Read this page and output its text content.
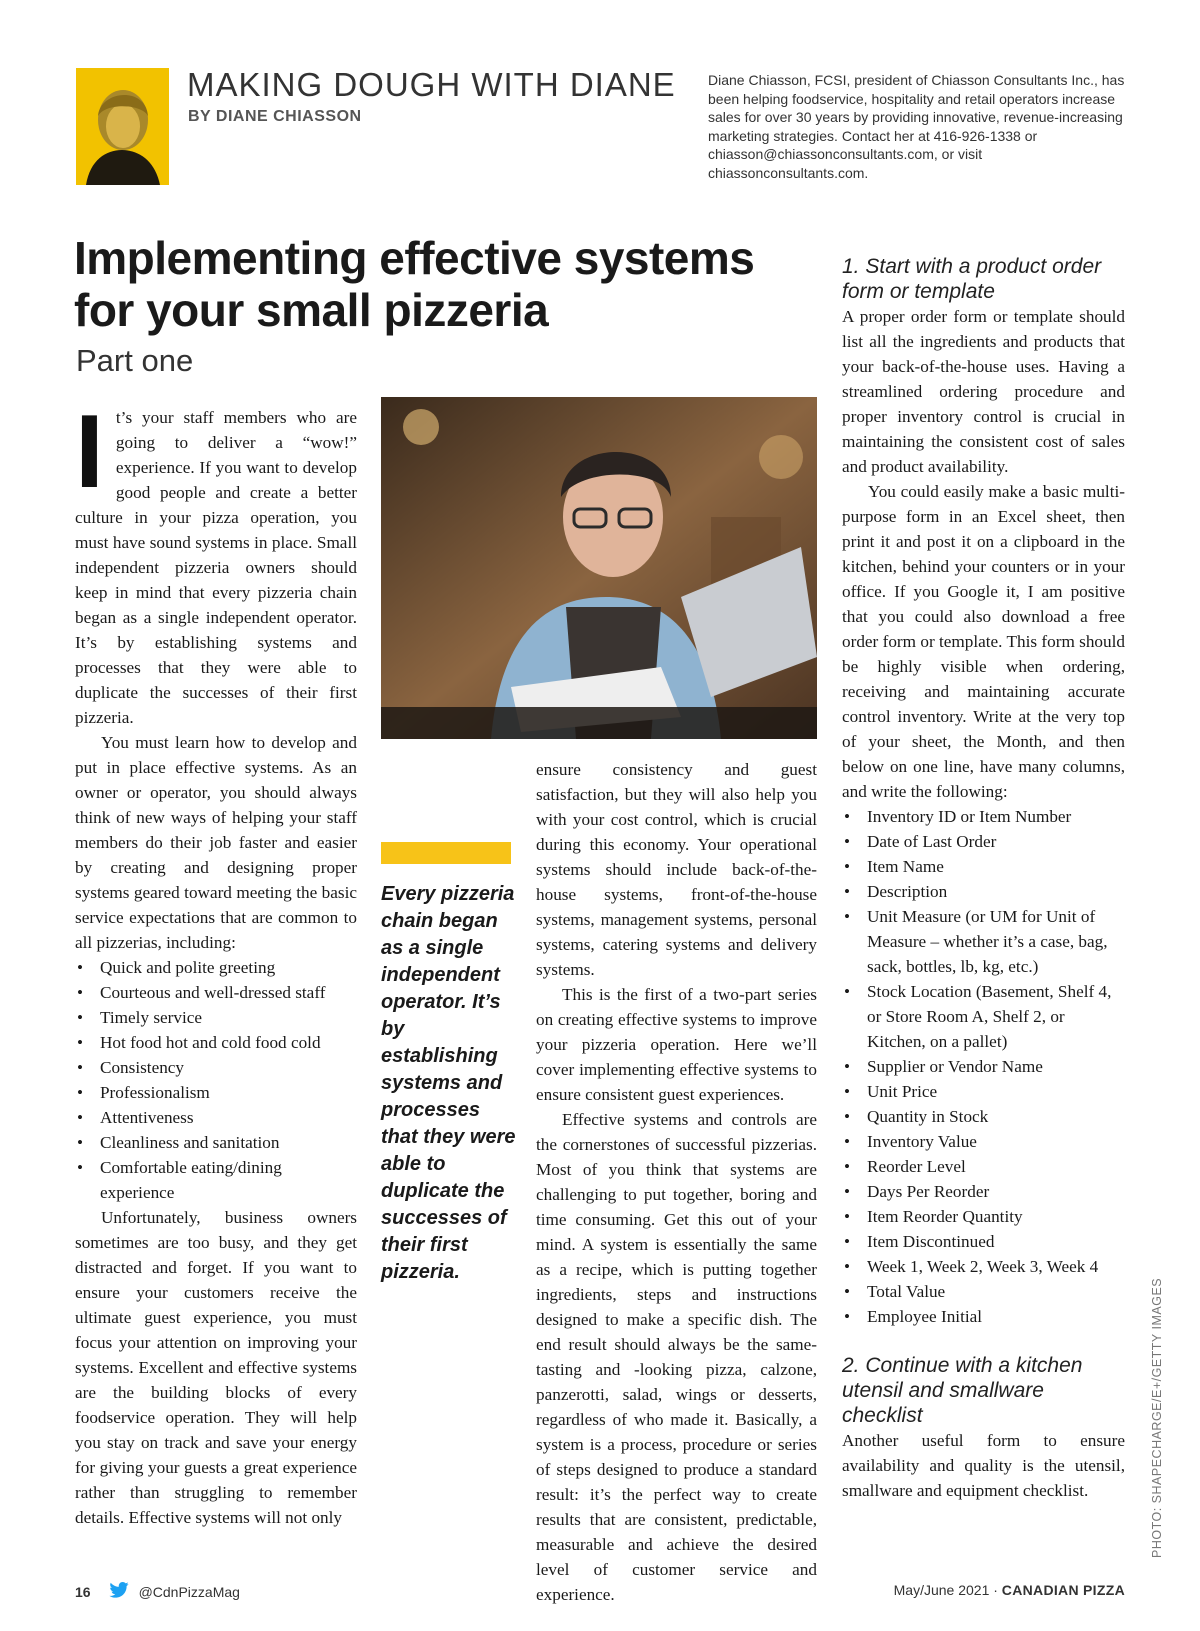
MAKING DOUGH WITH DIANE
BY DIANE CHIASSON
Diane Chiasson, FCSI, president of Chiasson Consultants Inc., has been helping foodservice, hospitality and retail operators increase sales for over 30 years by providing innovative, revenue-increasing marketing strategies. Contact her at 416-926-1338 or chiasson@chiassonconsultants.com, or visit chiassonconsultants.com.
Implementing effective systems for your small pizzeria
Part one

It’s your staff members who are going to deliver a “wow!” experience. If you want to develop good people and create a better culture in your pizza operation, you must have sound systems in place. Small independent pizzeria owners should keep in mind that every pizzeria chain began as a single independent operator. It’s by establishing systems and processes that they were able to duplicate the successes of their first pizzeria.

You must learn how to develop and put in place effective systems. As an owner or operator, you should always think of new ways of helping your staff members do their job faster and easier by creating and designing proper systems geared toward meeting the basic service expectations that are common to all pizzerias, including:

• Quick and polite greeting
• Courteous and well-dressed staff
• Timely service
• Hot food hot and cold food cold
• Consistency
• Professionalism
• Attentiveness
• Cleanliness and sanitation
• Comfortable eating/dining experience

Unfortunately, business owners sometimes are too busy, and they get distracted and forget. If you want to ensure your customers receive the ultimate guest experience, you must focus your attention on improving your systems. Excellent and effective systems are the building blocks of every foodservice operation. They will help you stay on track and save your energy for giving your guests a great experience rather than struggling to remember details. Effective systems will not only

Every pizzeria chain began as a single independent operator. It’s by establishing systems and processes that they were able to duplicate the successes of their first pizzeria.

ensure consistency and guest satisfaction, but they will also help you with your cost control, which is crucial during this economy. Your operational systems should include back-of-the-house systems, front-of-the-house systems, management systems, personal systems, catering systems and delivery systems.

This is the first of a two-part series on creating effective systems to improve your pizzeria operation. Here we’ll cover implementing effective systems to ensure consistent guest experiences.

Effective systems and controls are the cornerstones of successful pizzerias. Most of you think that systems are challenging to put together, boring and time consuming. Get this out of your mind. A system is essentially the same as a recipe, which is putting together ingredients, steps and instructions designed to make a specific dish. The end result should always be the same-tasting and -looking pizza, calzone, panzerotti, salad, wings or desserts, regardless of who made it. Basically, a system is a process, procedure or series of steps designed to produce a standard result: it’s the perfect way to create results that are consistent, predictable, measurable and achieve the desired level of customer service and experience.

1. Start with a product order form or template

A proper order form or template should list all the ingredients and products that your back-of-the-house uses. Having a streamlined ordering procedure and proper inventory control is crucial in maintaining the consistent cost of sales and product availability.

You could easily make a basic multi-purpose form in an Excel sheet, then print it and post it on a clipboard in the kitchen, behind your counters or in your office. If you Google it, I am positive that you could also download a free order form or template. This form should be highly visible when ordering, receiving and maintaining accurate control inventory. Write at the very top of your sheet, the Month, and then below on one line, have many columns, and write the following:

• Inventory ID or Item Number
• Date of Last Order
• Item Name
• Description
• Unit Measure (or UM for Unit of Measure – whether it’s a case, bag, sack, bottles, lb, kg, etc.)
• Stock Location (Basement, Shelf 4, or Store Room A, Shelf 2, or Kitchen, on a pallet)
• Supplier or Vendor Name
• Unit Price
• Quantity in Stock
• Inventory Value
• Reorder Level
• Days Per Reorder
• Item Reorder Quantity
• Item Discontinued
• Week 1, Week 2, Week 3, Week 4
• Total Value
• Employee Initial
2. Continue with a kitchen utensil and smallware checklist

Another useful form to ensure availability and quality is the utensil, smallware and equipment checklist.	PHOTO: SHAPECHARGE/E+/GETTY IMAGES
16	@CdnPizzaMag	May/June 2021 · CANADIAN PIZZA
